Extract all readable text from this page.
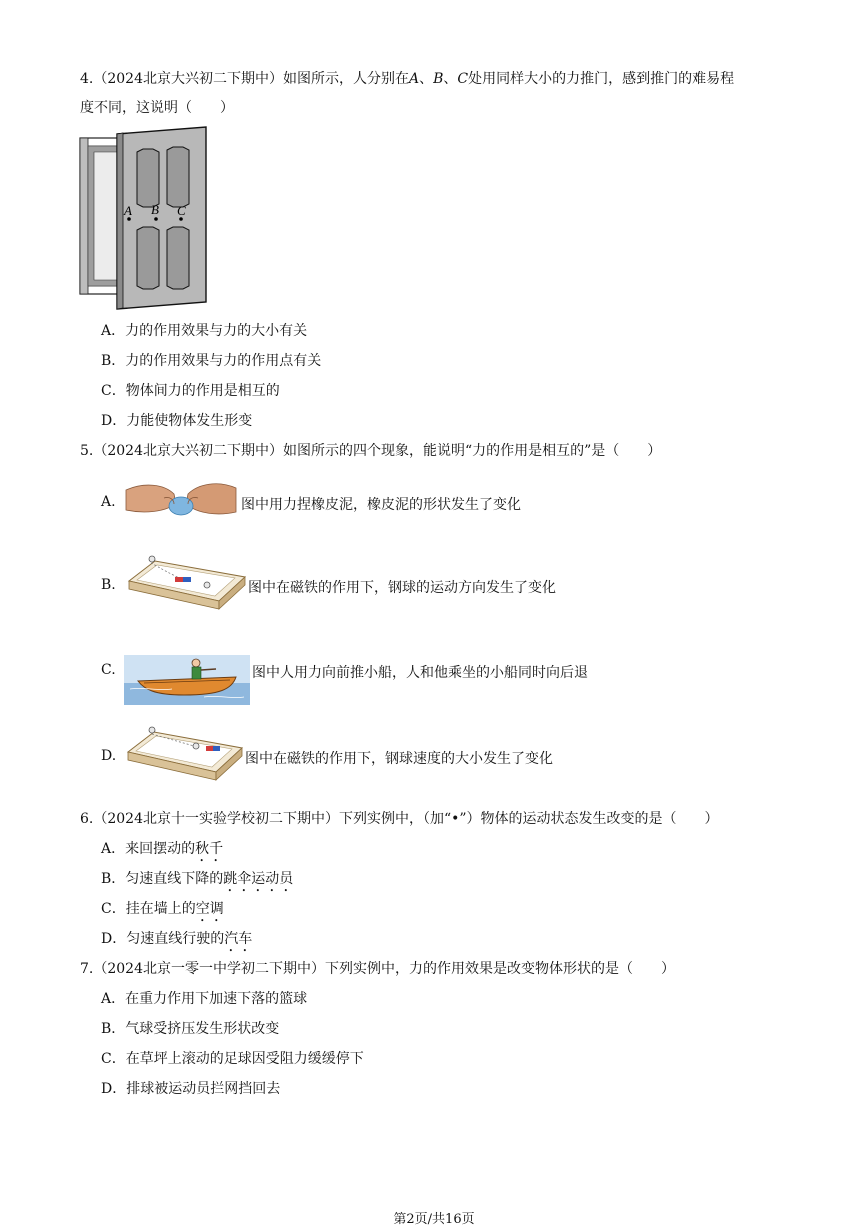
4.（2024北京大兴初二下期中）如图所示，人分别在A、B、C处用同样大小的力推门，感到推门的难易程
度不同，这说明（　　）
A B C
A．力的作用效果与力的大小有关
B．力的作用效果与力的作用点有关
C．物体间力的作用是相互的
D．力能使物体发生形变
5.（2024北京大兴初二下期中）如图所示的四个现象，能说明“力的作用是相互的”是（　　）
A.	图中用力捏橡皮泥，橡皮泥的形状发生了变化
B.	图中在磁铁的作用下，钢球的运动方向发生了变化
C.	图中人用力向前推小船，人和他乘坐的小船同时向后退
D.	图中在磁铁的作用下，钢球速度的大小发生了变化
6.（2024北京十一实验学校初二下期中）下列实例中，（加“•”）物体的运动状态发生改变的是（　　）
A．来回摆动的秋千
B．匀速直线下降的跳伞运动员
C．挂在墙上的空调
D．匀速直线行驶的汽车
7.（2024北京一零一中学初二下期中）下列实例中，力的作用效果是改变物体形状的是（　　）
A．在重力作用下加速下落的篮球
B．气球受挤压发生形状改变
C．在草坪上滚动的足球因受阻力缓缓停下
D．排球被运动员拦网挡回去
第2页/共16页
